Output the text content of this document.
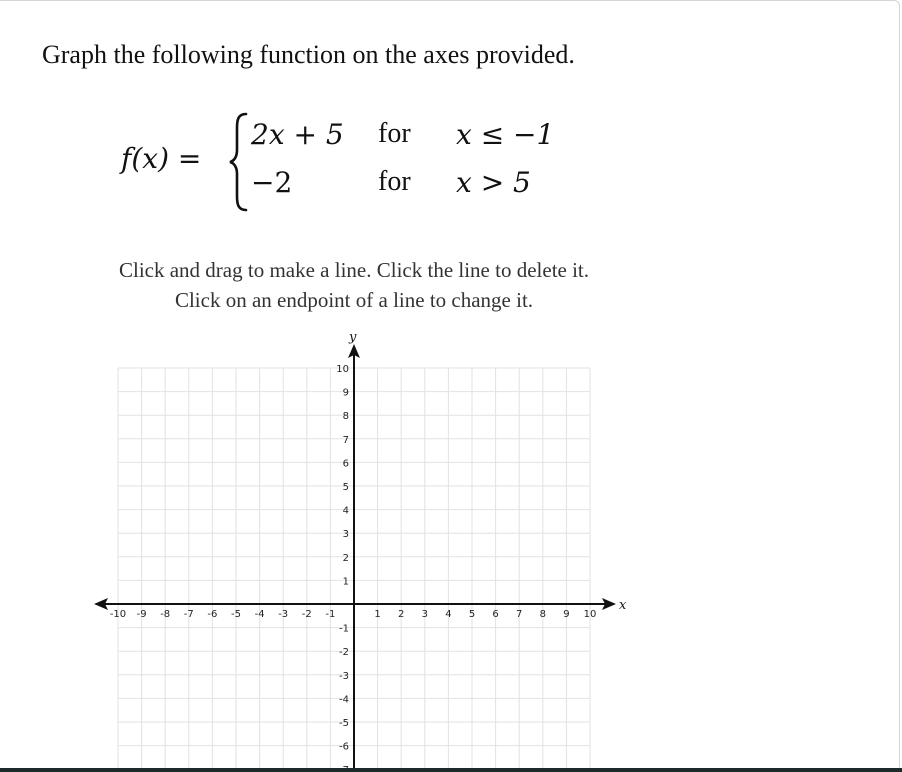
Graph the following function on the axes provided.
f(x) =
2x + 5 for x ≤ −1
−2	for x > 5
Click and drag to make a line. Click the line to delete it.
Click on an endpoint of a line to change it.
x
y
-10 -9 -8 -7 -6 -5 -4 -3 -2 -1	1 2 3 4 5 6 7 8 9 10
1
2
3
4
5
6
7
8
9
10
-1
-2
-3
-4
-5
-6
